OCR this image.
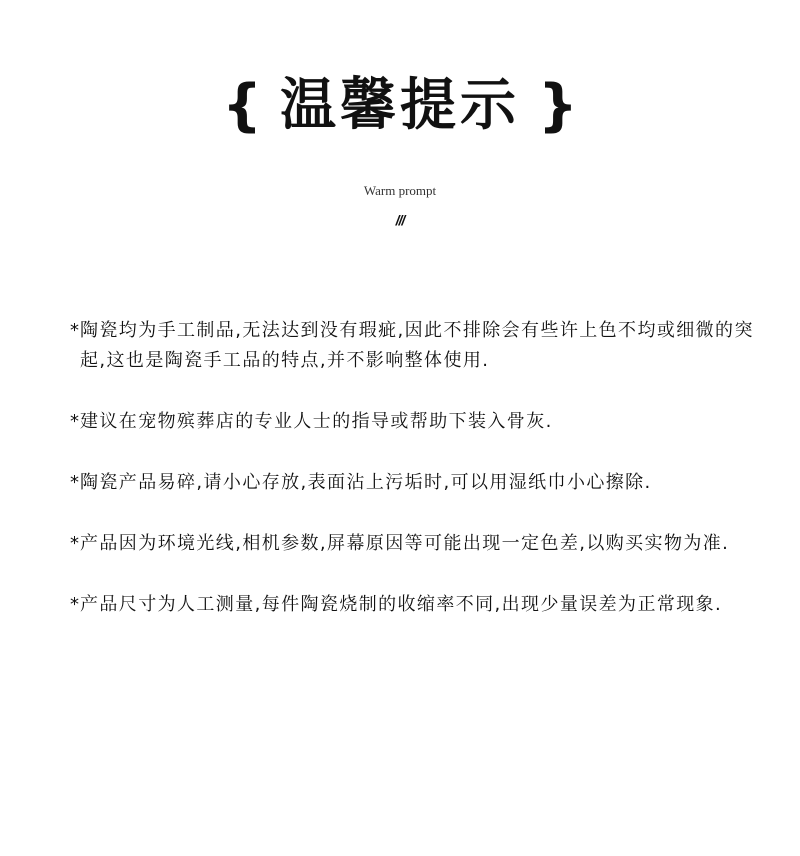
{ 温馨提示 }
Warm prompt
///

*陶瓷均为手工制品,无法达到没有瑕疵,因此不排除会有些许上色不均或细微的突起,这也是陶瓷手工品的特点,并不影响整体使用.

*建议在宠物殡葬店的专业人士的指导或帮助下装入骨灰.

*陶瓷产品易碎,请小心存放,表面沾上污垢时,可以用湿纸巾小心擦除.

*产品因为环境光线,相机参数,屏幕原因等可能出现一定色差,以购买实物为准.

*产品尺寸为人工测量,每件陶瓷烧制的收缩率不同,出现少量误差为正常现象.
